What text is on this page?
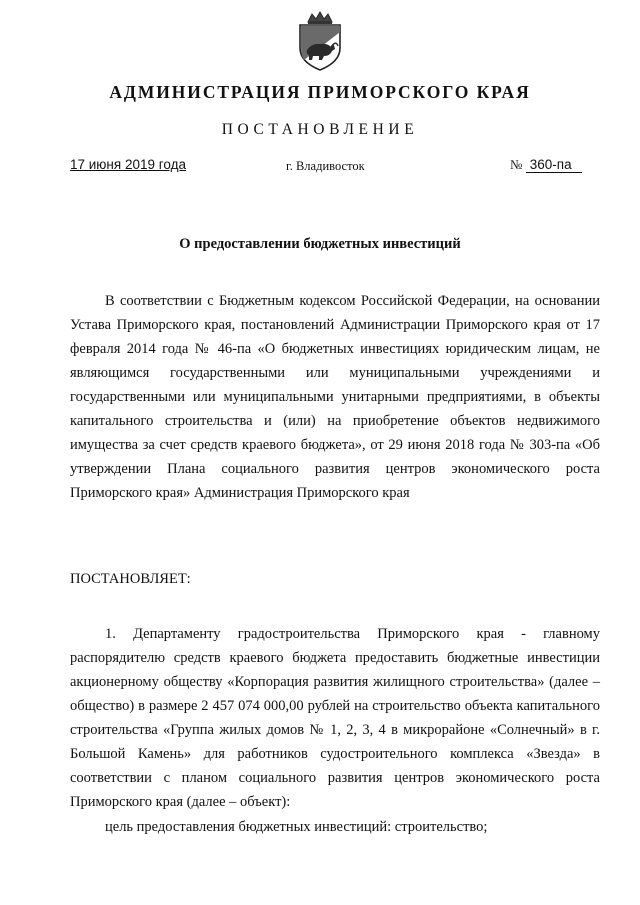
АДМИНИСТРАЦИЯ ПРИМОРСКОГО КРАЯ
ПОСТАНОВЛЕНИЕ
17 июня 2019 года	г. Владивосток	№ 360-па
О предоставлении бюджетных инвестиций
В соответствии с Бюджетным кодексом Российской Федерации, на основании Устава Приморского края, постановлений Администрации Приморского края от 17 февраля 2014 года № 46-па «О бюджетных инвестициях юридическим лицам, не являющимся государственными или муниципальными учреждениями и государственными или муниципальными унитарными предприятиями, в объекты капитального строительства и (или) на приобретение объектов недвижимого имущества за счет средств краевого бюджета», от 29 июня 2018 года № 303-па «Об утверждении Плана социального развития центров экономического роста Приморского края» Администрация Приморского края
ПОСТАНОВЛЯЕТ:
1. Департаменту градостроительства Приморского края - главному распорядителю средств краевого бюджета предоставить бюджетные инвестиции акционерному обществу «Корпорация развития жилищного строительства» (далее – общество) в размере 2 457 074 000,00 рублей на строительство объекта капитального строительства «Группа жилых домов № 1, 2, 3, 4 в микрорайоне «Солнечный» в г. Большой Камень» для работников судостроительного комплекса «Звезда» в соответствии с планом социального развития центров экономического роста Приморского края (далее – объект):
цель предоставления бюджетных инвестиций: строительство;
